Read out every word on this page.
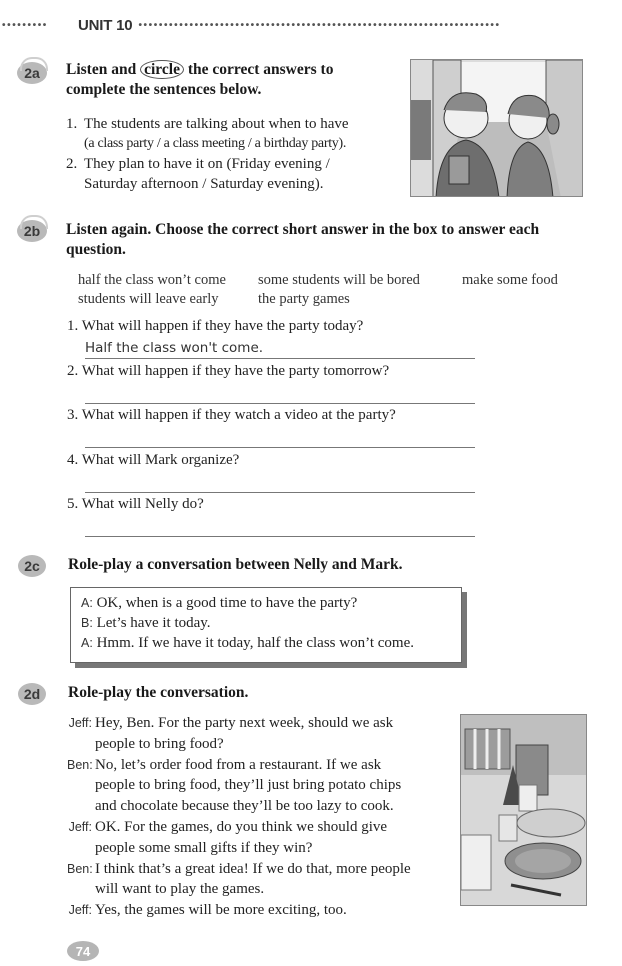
•••••••••	UNIT 10 •••••••••••••••••••••••••••••••••••••••••••••••••••••••••••••••••••••••
2a Listen and circle the correct answers to
complete the sentences below.
1. The students are talking about when to have
(a class party / a class meeting / a birthday party).
2. They plan to have it on (Friday evening /
Saturday afternoon / Saturday evening).
2b Listen again. Choose the correct short answer in the box to answer each
question.
half the class won’t come	some students will be bored	make some food
students will leave early	the party games
1. What will happen if they have the party today?
Half the class won't come.
2. What will happen if they have the party tomorrow?
3. What will happen if they watch a video at the party?
4. What will Mark organize?
5. What will Nelly do?
2c Role-play a conversation between Nelly and Mark.
A: OK, when is a good time to have the party?
B: Let’s have it today.
A: Hmm. If we have it today, half the class won’t come.
2d Role-play the conversation.
Jeff: Hey, Ben. For the party next week, should we ask
people to bring food?
Ben: No, let’s order food from a restaurant. If we ask
people to bring food, they’ll just bring potato chips
and chocolate because they’ll be too lazy to cook.
Jeff: OK. For the games, do you think we should give
people some small gifts if they win?
Ben: I think that’s a great idea! If we do that, more people
will want to play the games.
Jeff: Yes, the games will be more exciting, too.
74
